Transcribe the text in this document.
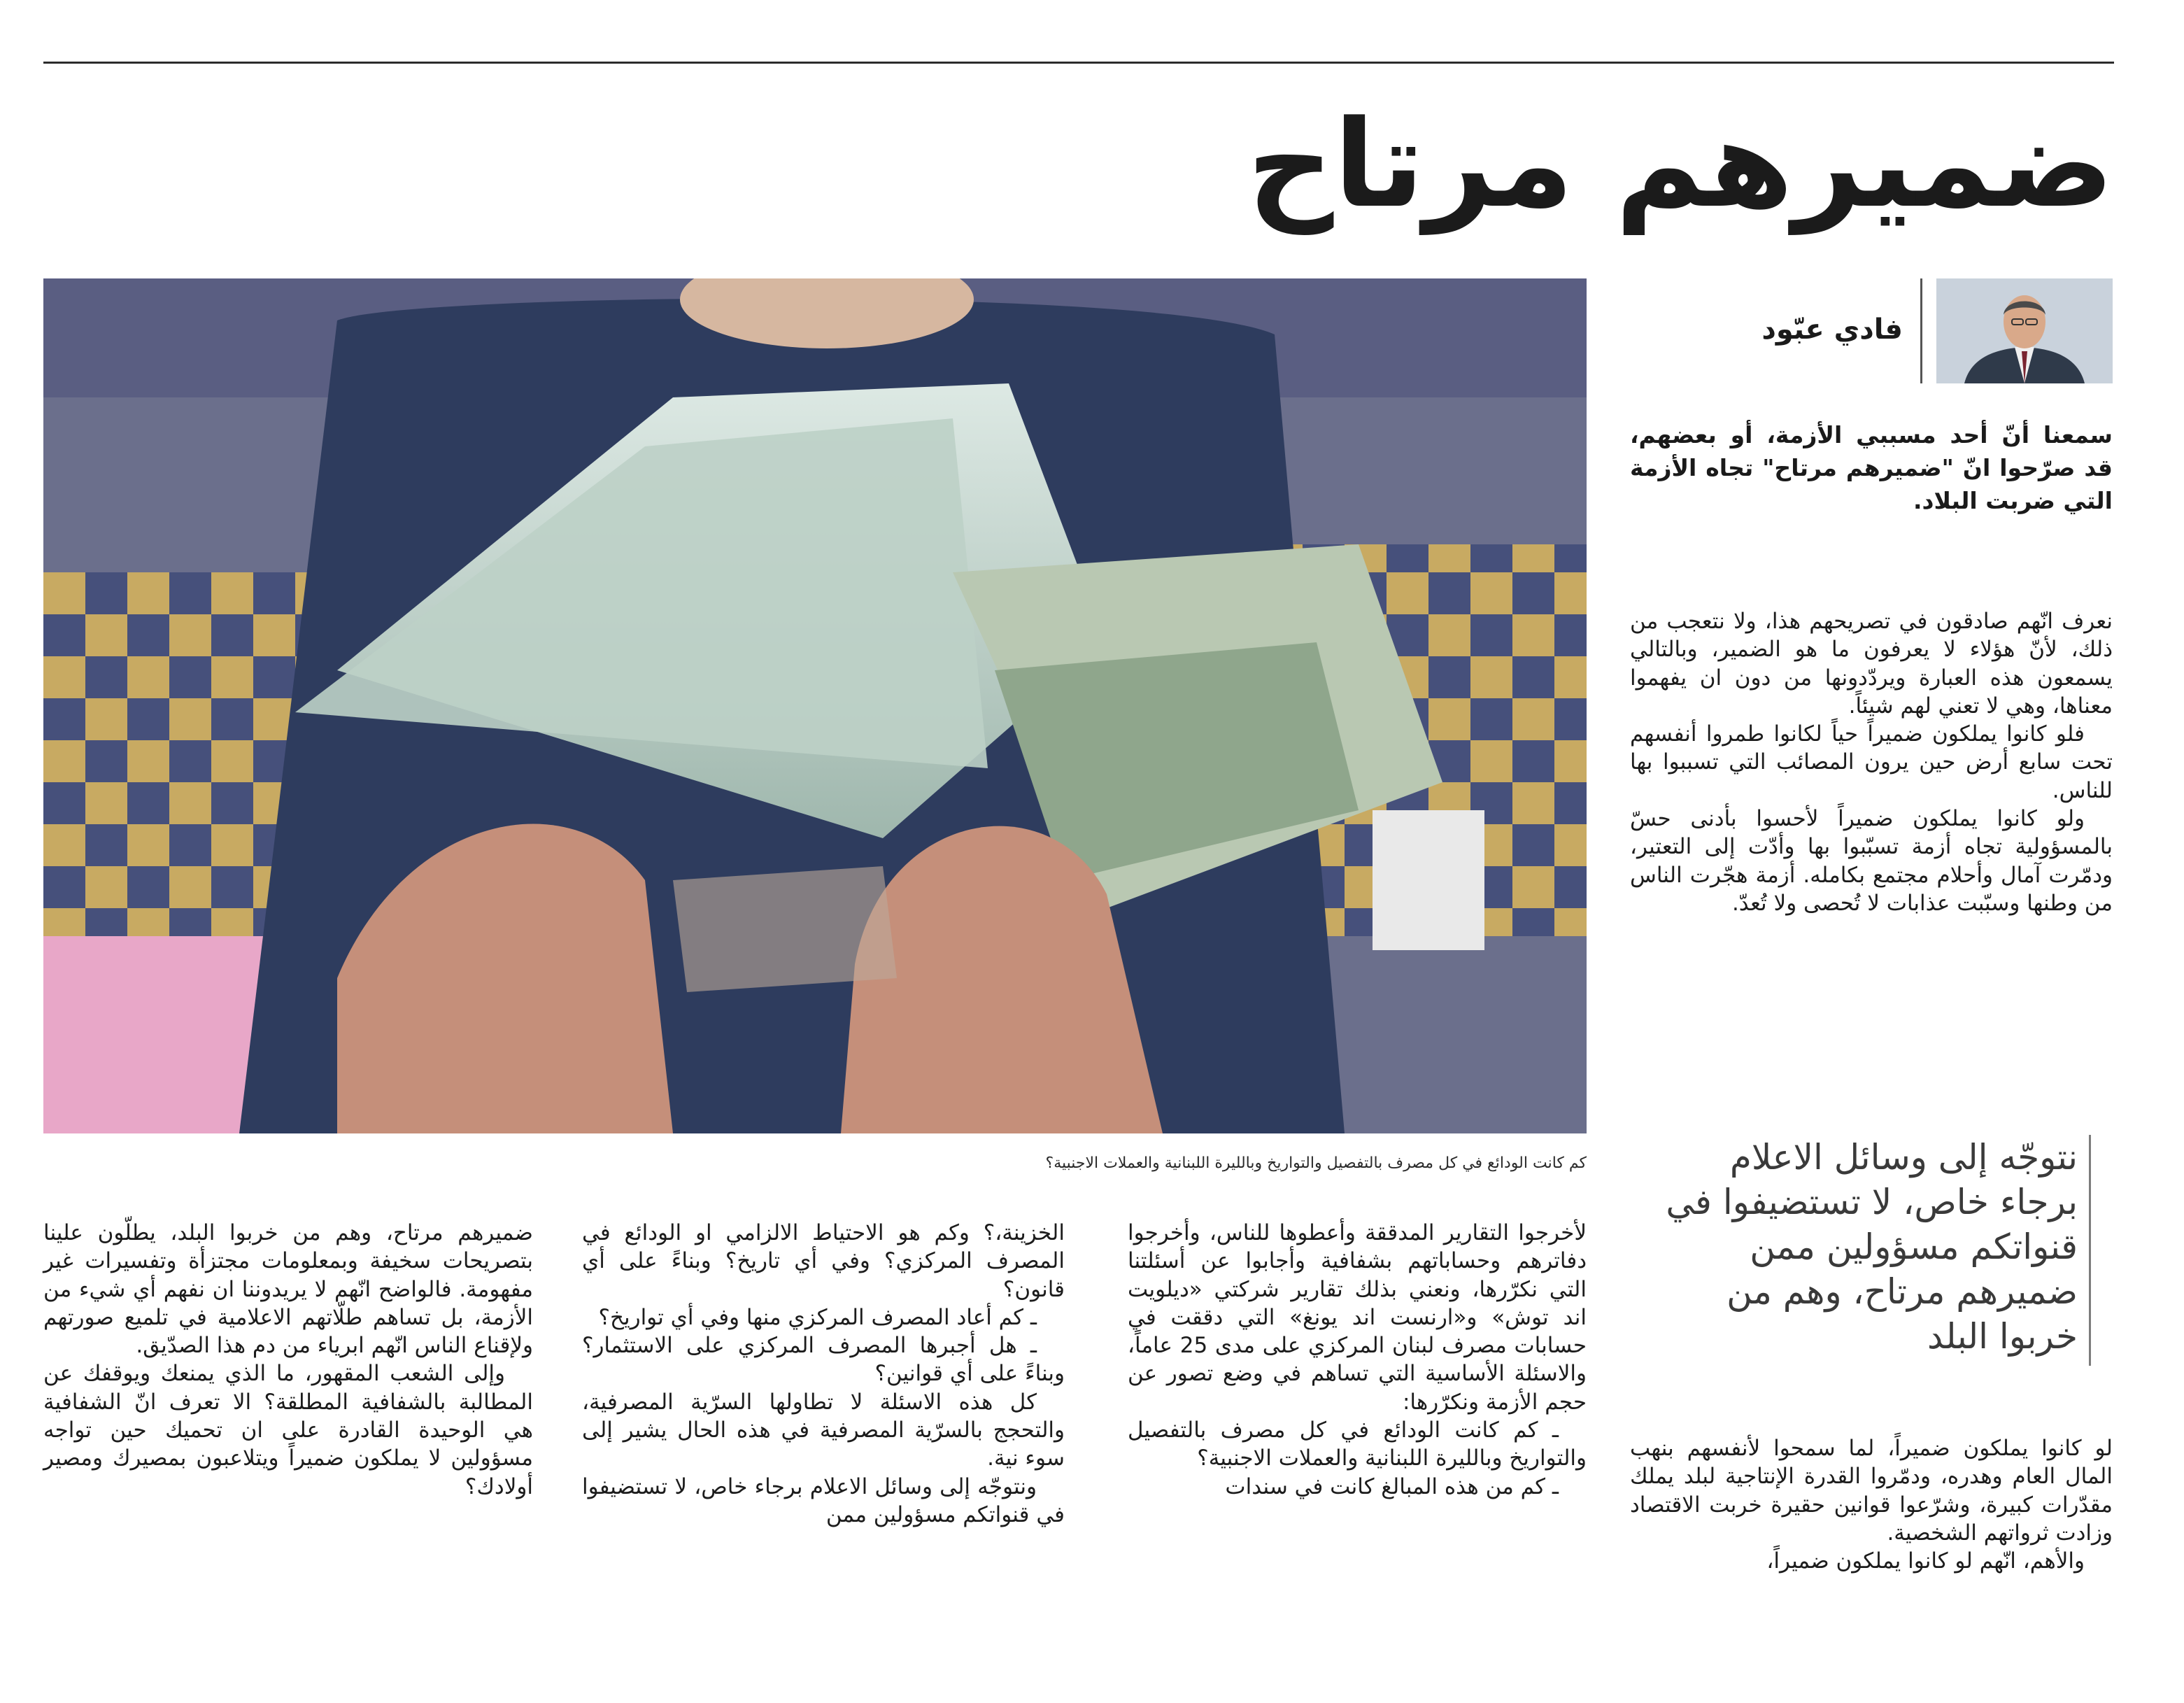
ضميرهم مرتاح
فادي عبّود
سمعنا أنّ أحد مسببي الأزمة، أو بعضهم، قد صرّحوا انّ "ضميرهم مرتاح" تجاه الأزمة التي ضربت البلاد.
كم كانت الودائع في كل مصرف بالتفصيل والتواريخ وبالليرة اللبنانية والعملات الاجنبية؟

نعرف انّهم صادقون في تصريحهم هذا، ولا نتعجب من ذلك، لأنّ هؤلاء لا يعرفون ما هو الضمير، وبالتالي يسمعون هذه العبارة ويردّدونها من دون ان يفهموا معناها، وهي لا تعني لهم شيئاً.

فلو كانوا يملكون ضميراً حياً لكانوا طمروا أنفسهم تحت سابع أرض حين يرون المصائب التي تسببوا بها للناس.

ولو كانوا يملكون ضميراً لأحسوا بأدنى حسّ بالمسؤولية تجاه أزمة تسبّبوا بها وأدّت إلى التعتير، ودمّرت آمال وأحلام مجتمع بكامله. أزمة هجّرت الناس من وطنها وسبّبت عذابات لا تُحصى ولا تُعدّ.

نتوجّه إلى وسائل الاعلام برجاء خاص، لا تستضيفوا في قنواتكم مسؤولين ممن ضميرهم مرتاح، وهم من خربوا البلد

لو كانوا يملكون ضميراً، لما سمحوا لأنفسهم بنهب المال العام وهدره، ودمّروا القدرة الإنتاجية لبلد يملك مقدّرات كبيرة، وشرّعوا قوانين حقيرة خربت الاقتصاد وزادت ثرواتهم الشخصية.

والأهم، انّهم لو كانوا يملكون ضميراً،

لأخرجوا التقارير المدققة وأعطوها للناس، وأخرجوا دفاترهم وحساباتهم بشفافية وأجابوا عن أسئلتنا التي نكرّرها، ونعني بذلك تقارير شركتي «ديلويت اند توش» و«ارنست اند يونغ» التي دققت في حسابات مصرف لبنان المركزي على مدى 25 عاماً، والاسئلة الأساسية التي تساهم في وضع تصور عن حجم الأزمة ونكرّرها:

ـ كم كانت الودائع في كل مصرف بالتفصيل والتواريخ وبالليرة اللبنانية والعملات الاجنبية؟

ـ كم من هذه المبالغ كانت في سندات

الخزينة،؟ وكم هو الاحتياط الالزامي او الودائع في المصرف المركزي؟ وفي أي تاريخ؟ وبناءً على أي قانون؟

ـ كم أعاد المصرف المركزي منها وفي أي تواريخ؟

ـ هل أجبرها المصرف المركزي على الاستثمار؟ وبناءً على أي قوانين؟

كل هذه الاسئلة لا تطاولها السرّية المصرفية، والتحجج بالسرّية المصرفية في هذه الحال يشير إلى سوء نية.

ونتوجّه إلى وسائل الاعلام برجاء خاص، لا تستضيفوا في قنواتكم مسؤولين ممن

ضميرهم مرتاح، وهم من خربوا البلد، يطلّون علينا بتصريحات سخيفة وبمعلومات مجتزأة وتفسيرات غير مفهومة. فالواضح انّهم لا يريدوننا ان نفهم أي شيء من الأزمة، بل تساهم طلّاتهم الاعلامية في تلميع صورتهم ولإقناع الناس انّهم ابرياء من دم هذا الصدّيق.

وإلى الشعب المقهور، ما الذي يمنعك ويوقفك عن المطالبة بالشفافية المطلقة؟ الا تعرف انّ الشفافية هي الوحيدة القادرة على ان تحميك حين تواجه مسؤولين لا يملكون ضميراً ويتلاعبون بمصيرك ومصير أولادك؟
